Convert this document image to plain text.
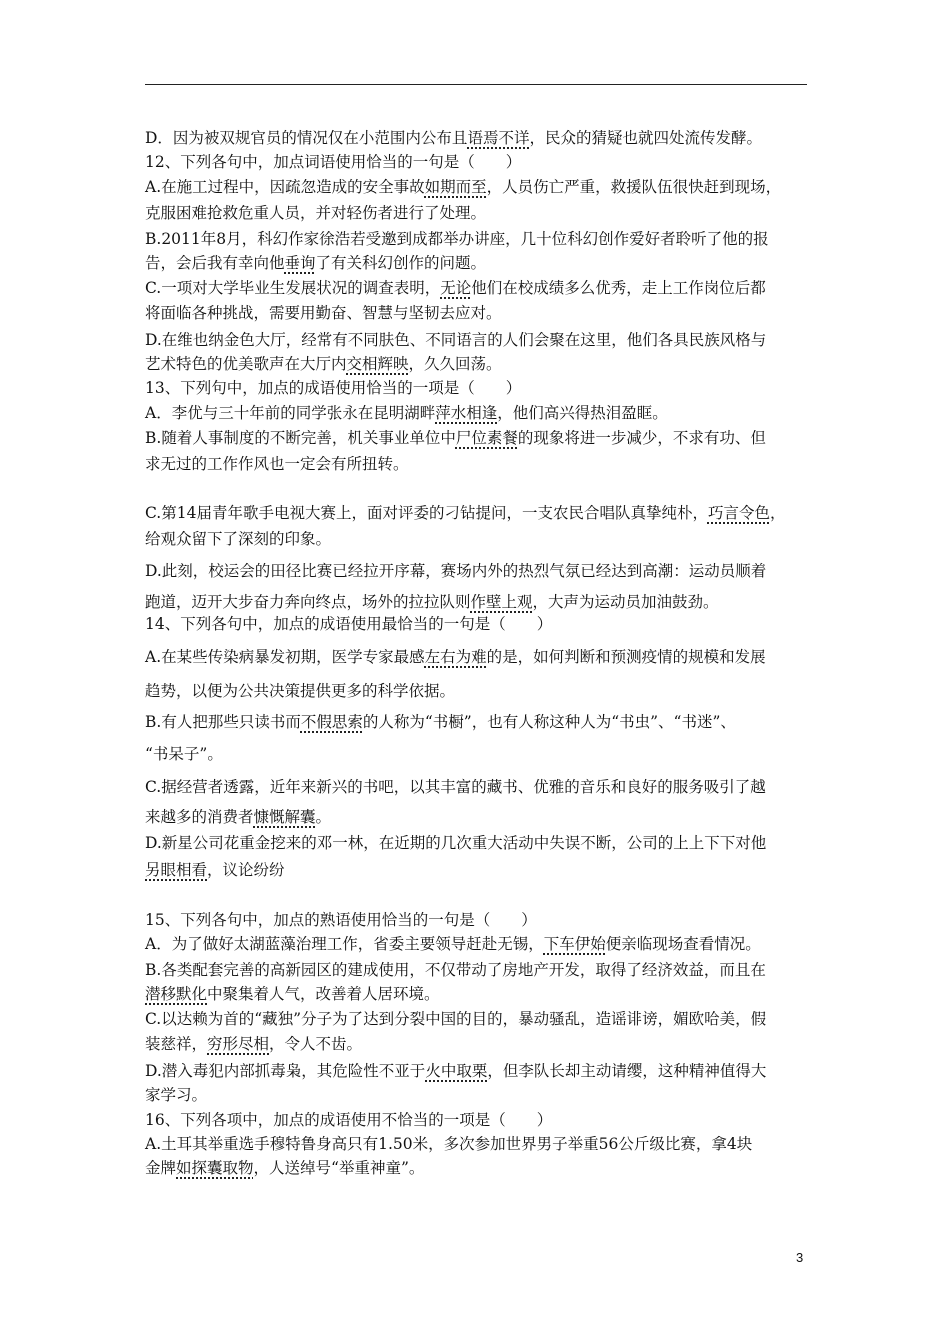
D．因为被双规官员的情况仅在小范围内公布且语焉不详，民众的猜疑也就四处流传发酵。
12、下列各句中，加点词语使用恰当的一句是（　　）
A.在施工过程中，因疏忽造成的安全事故如期而至，人员伤亡严重，救援队伍很快赶到现场，
克服困难抢救危重人员，并对轻伤者进行了处理。
B.2011年8月，科幻作家徐浩若受邀到成都举办讲座，几十位科幻创作爱好者聆听了他的报
告，会后我有幸向他垂询了有关科幻创作的问题。
C.一项对大学毕业生发展状况的调查表明，无论他们在校成绩多么优秀，走上工作岗位后都
将面临各种挑战，需要用勤奋、智慧与坚韧去应对。
D.在维也纳金色大厅，经常有不同肤色、不同语言的人们会聚在这里，他们各具民族风格与
艺术特色的优美歌声在大厅内交相辉映，久久回荡。
13、下列句中，加点的成语使用恰当的一项是（　　）
A．李优与三十年前的同学张永在昆明湖畔萍水相逢，他们高兴得热泪盈眶。
B.随着人事制度的不断完善，机关事业单位中尸位素餐的现象将进一步减少，不求有功、但
求无过的工作作风也一定会有所扭转。
C.第14届青年歌手电视大赛上，面对评委的刁钻提问，一支农民合唱队真挚纯朴，巧言令色，
给观众留下了深刻的印象。
D.此刻，校运会的田径比赛已经拉开序幕，赛场内外的热烈气氛已经达到高潮：运动员顺着
跑道，迈开大步奋力奔向终点，场外的拉拉队则作壁上观，大声为运动员加油鼓劲。
14、下列各句中，加点的成语使用最恰当的一句是（　　）
A.在某些传染病暴发初期，医学专家最感左右为难的是，如何判断和预测疫情的规模和发展
趋势，以便为公共决策提供更多的科学依据。
B.有人把那些只读书而不假思索的人称为“书橱”，也有人称这种人为“书虫”、“书迷”、
“书呆子”。
C.据经营者透露，近年来新兴的书吧，以其丰富的藏书、优雅的音乐和良好的服务吸引了越
来越多的消费者慷慨解囊。
D.新星公司花重金挖来的邓一林，在近期的几次重大活动中失误不断，公司的上上下下对他
另眼相看，议论纷纷
15、下列各句中，加点的熟语使用恰当的一句是（　　）
A．为了做好太湖蓝藻治理工作，省委主要领导赶赴无锡，下车伊始便亲临现场查看情况。
B.各类配套完善的高新园区的建成使用，不仅带动了房地产开发，取得了经济效益，而且在
潜移默化中聚集着人气，改善着人居环境。
C.以达赖为首的“藏独”分子为了达到分裂中国的目的，暴动骚乱，造谣诽谤，媚欧哈美，假
装慈祥，穷形尽相，令人不齿。
D.潜入毒犯内部抓毒枭，其危险性不亚于火中取栗，但李队长却主动请缨，这种精神值得大
家学习。
16、下列各项中，加点的成语使用不恰当的一项是（　　）
A.土耳其举重选手穆特鲁身高只有1.50米，多次参加世界男子举重56公斤级比赛，拿4块
金牌如探囊取物，人送绰号“举重神童”。
3
